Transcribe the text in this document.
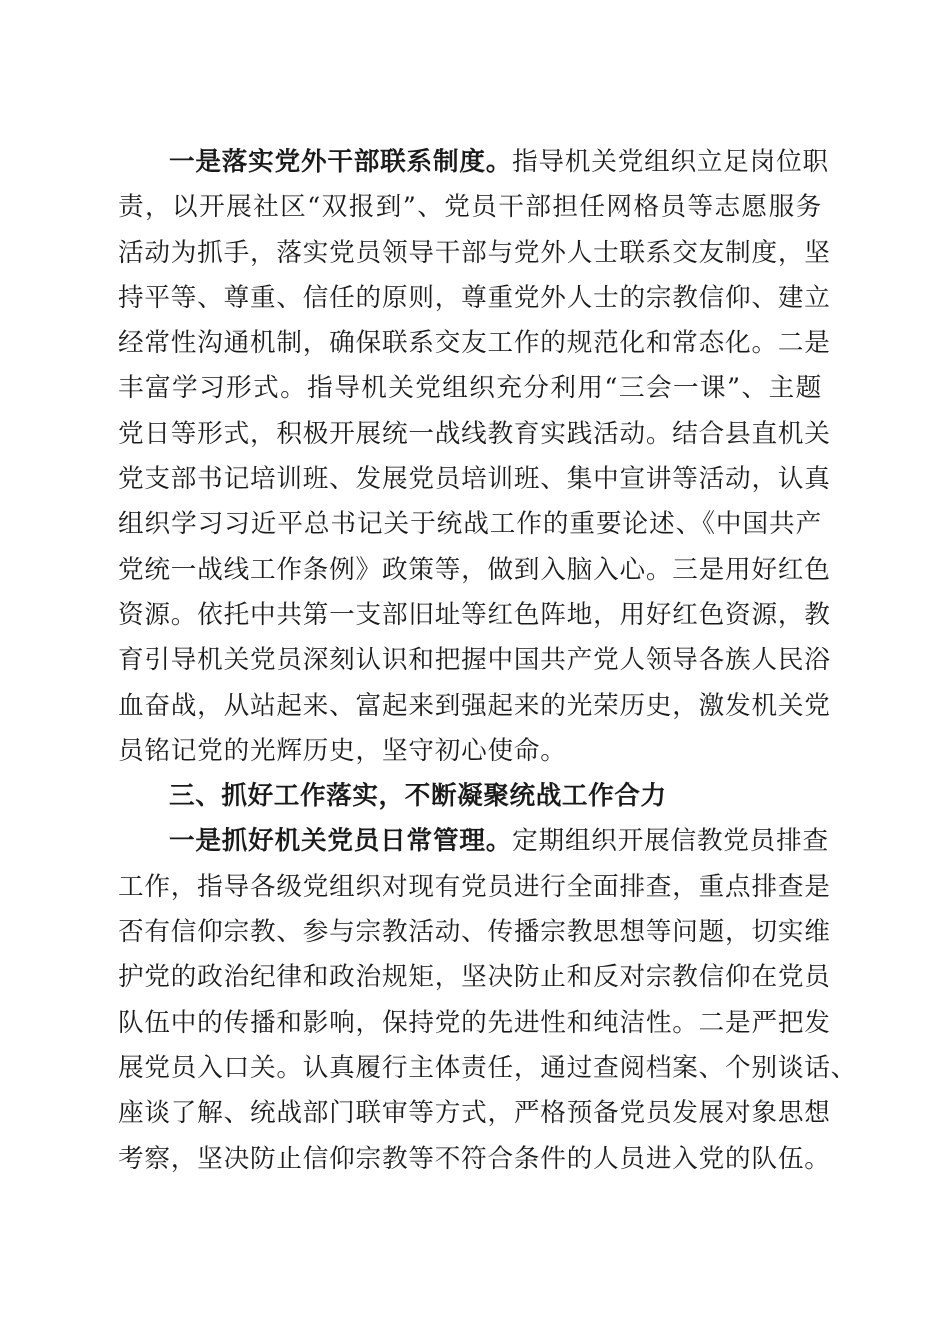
一是落实党外干部联系制度。指导机关党组织立足岗位职
责，以开展社区“双报到”、党员干部担任网格员等志愿服务
活动为抓手，落实党员领导干部与党外人士联系交友制度，坚
持平等、尊重、信任的原则，尊重党外人士的宗教信仰、建立
经常性沟通机制，确保联系交友工作的规范化和常态化。二是
丰富学习形式。指导机关党组织充分利用“三会一课”、主题
党日等形式，积极开展统一战线教育实践活动。结合县直机关
党支部书记培训班、发展党员培训班、集中宣讲等活动，认真
组织学习习近平总书记关于统战工作的重要论述、《中国共产
党统一战线工作条例》政策等，做到入脑入心。三是用好红色
资源。依托中共第一支部旧址等红色阵地，用好红色资源，教
育引导机关党员深刻认识和把握中国共产党人领导各族人民浴
血奋战，从站起来、富起来到强起来的光荣历史，激发机关党
员铭记党的光辉历史，坚守初心使命。
三、抓好工作落实，不断凝聚统战工作合力
一是抓好机关党员日常管理。定期组织开展信教党员排查
工作，指导各级党组织对现有党员进行全面排查，重点排查是
否有信仰宗教、参与宗教活动、传播宗教思想等问题，切实维
护党的政治纪律和政治规矩，坚决防止和反对宗教信仰在党员
队伍中的传播和影响，保持党的先进性和纯洁性。二是严把发
展党员入口关。认真履行主体责任，通过查阅档案、个别谈话、
座谈了解、统战部门联审等方式，严格预备党员发展对象思想
考察，坚决防止信仰宗教等不符合条件的人员进入党的队伍。
